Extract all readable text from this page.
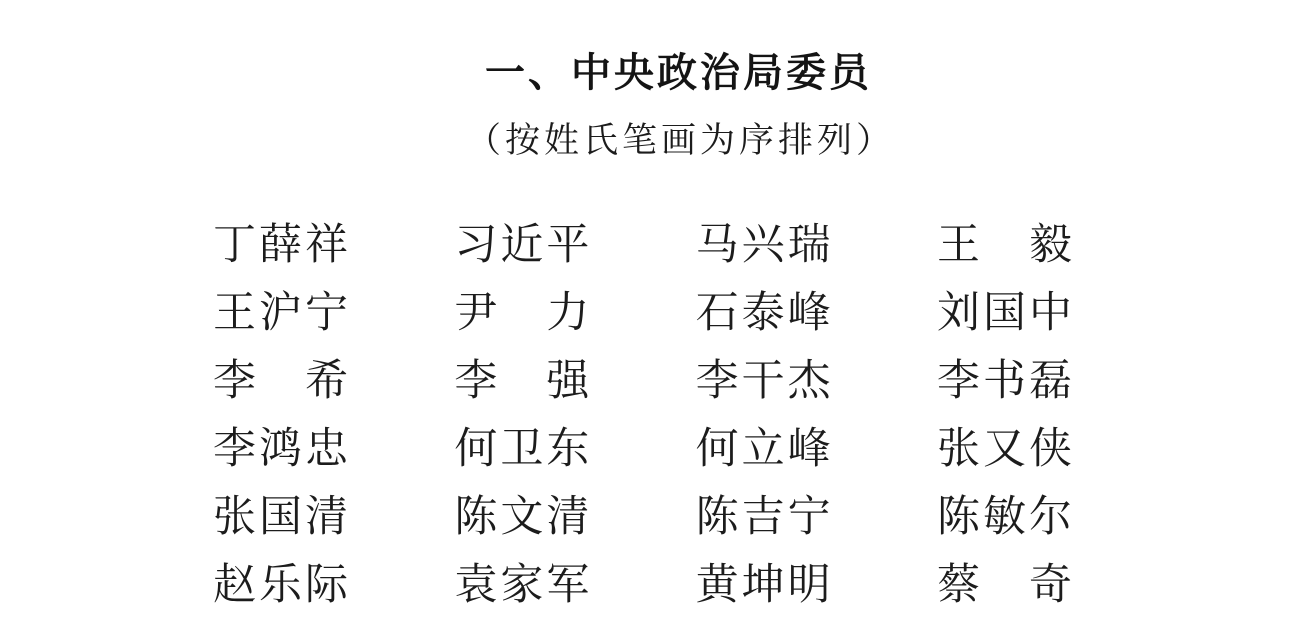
一、中央政治局委员
（按姓氏笔画为序排列）
丁薛祥 习近平 马兴瑞 王　毅
王沪宁 尹　力 石泰峰 刘国中
李　希 李　强 李干杰 李书磊
李鸿忠 何卫东 何立峰 张又侠
张国清 陈文清 陈吉宁 陈敏尔
赵乐际 袁家军 黄坤明 蔡　奇
